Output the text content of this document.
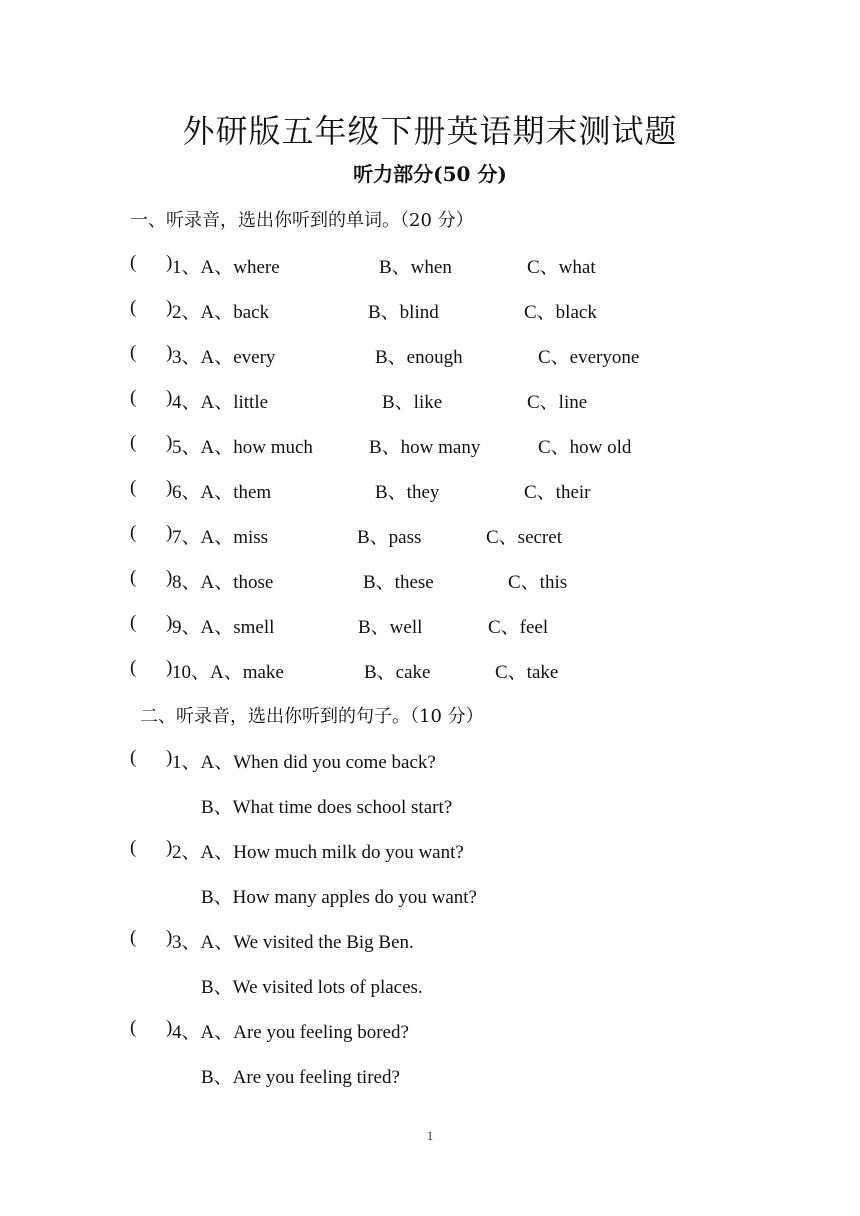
外研版五年级下册英语期末测试题
听力部分(50 分)
一、听录音，选出你听到的单词。（20 分）
( ) 1、A、where	B、when	C、what
( ) 2、A、back	B、blind	C、black
( ) 3、A、every	B、enough	C、everyone
( ) 4、A、little	B、like	C、line
( ) 5、A、how much	B、how many	C、how old
( ) 6、A、them	B、they	C、their
( ) 7、A、miss	B、pass	C、secret
( ) 8、A、those	B、these	C、this
( ) 9、A、smell	B、well	C、feel
( ) 10、A、make	B、cake	C、take
二、听录音，选出你听到的句子。（10 分）
( ) 1、A、When did you come back?
B、What time does school start?
( ) 2、A、How much milk do you want?
B、How many apples do you want?
( ) 3、A、We visited the Big Ben.
B、We visited lots of places.
( ) 4、A、Are you feeling bored?
B、Are you feeling tired?
1
